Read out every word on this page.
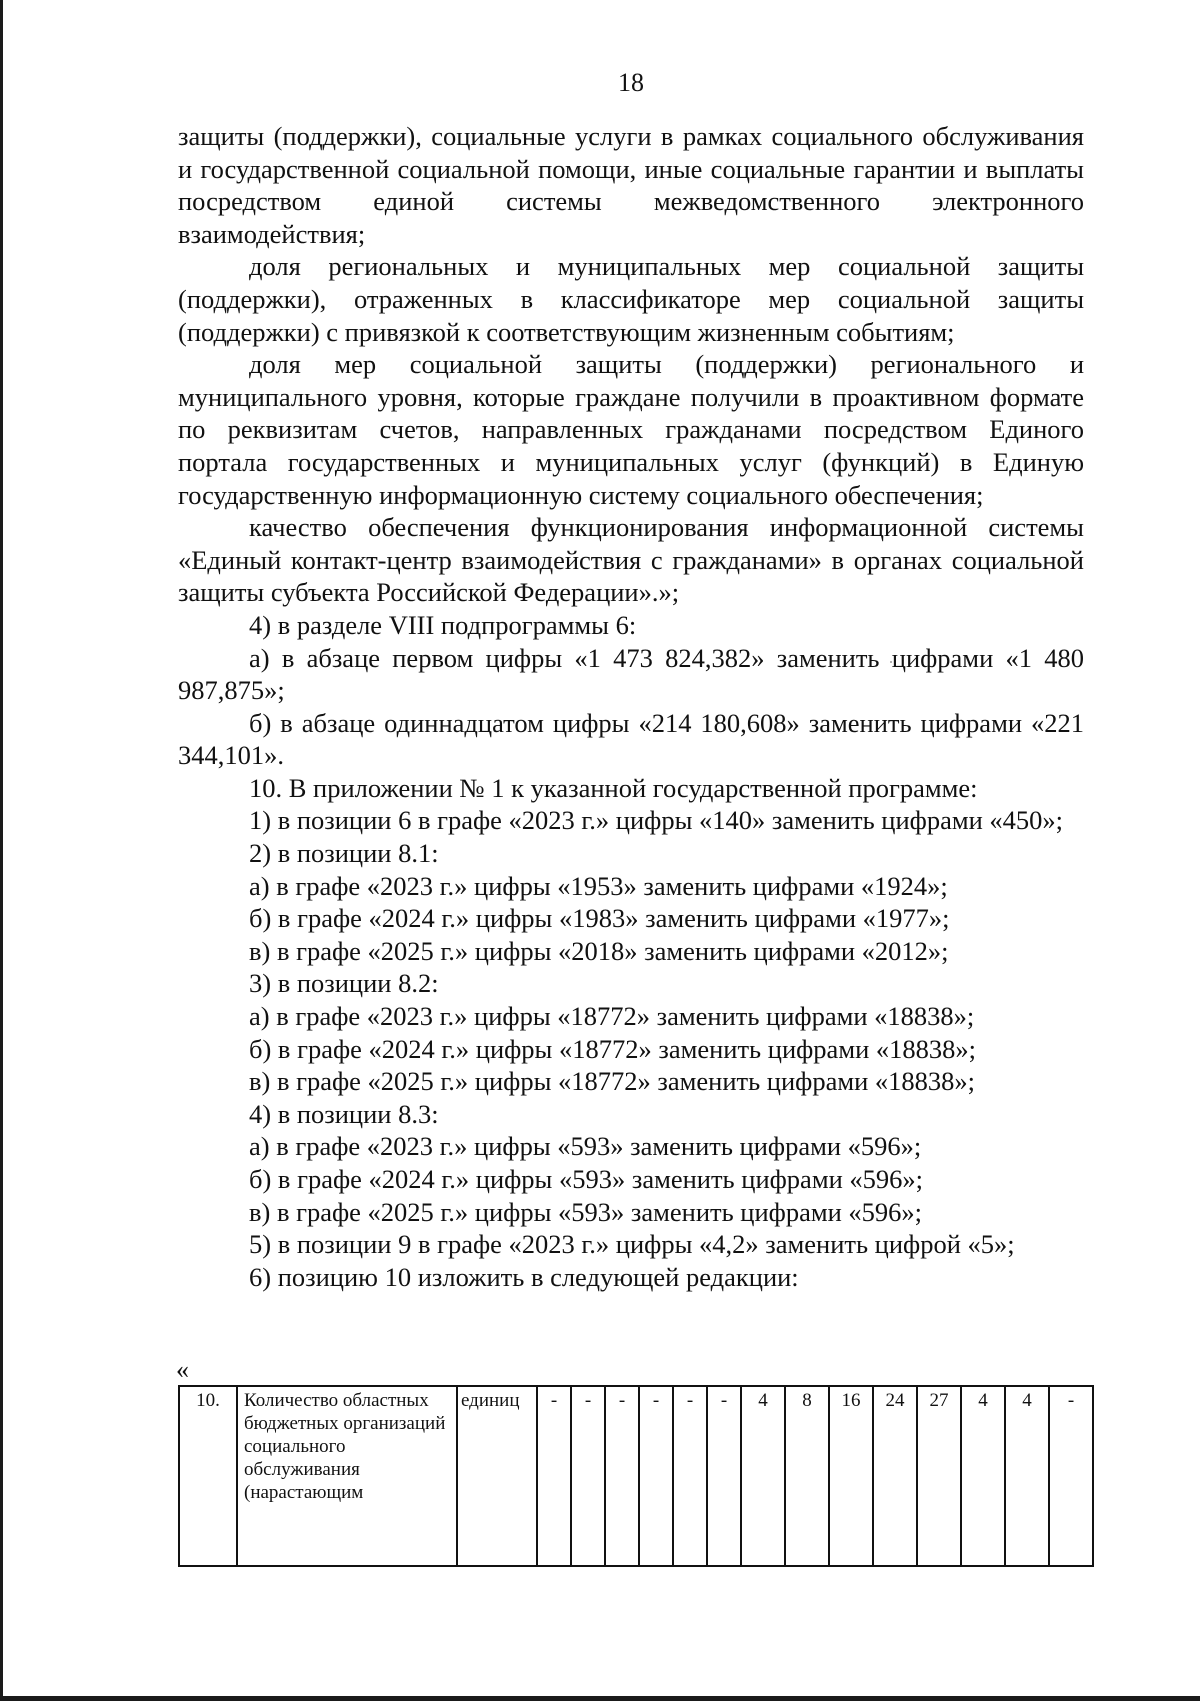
18

защиты (поддержки), социальные услуги в рамках социального обслуживания и государственной социальной помощи, иные социальные гарантии и выплаты посредством единой системы межведомственного электронного взаимодействия;

доля региональных и муниципальных мер социальной защиты (поддержки), отраженных в классификаторе мер социальной защиты (поддержки) с привязкой к соответствующим жизненным событиям;

доля мер социальной защиты (поддержки) регионального и муниципального уровня, которые граждане получили в проактивном формате по реквизитам счетов, направленных гражданами посредством Единого портала государственных и муниципальных услуг (функций) в Единую государственную информационную систему социального обеспечения;

качество обеспечения функционирования информационной системы «Единый контакт-центр взаимодействия с гражданами» в органах социальной защиты субъекта Российской Федерации».»;

4) в разделе VIII подпрограммы 6:

а) в абзаце первом цифры «1 473 824,382» заменить цифрами «1 480 987,875»;

б) в абзаце одиннадцатом цифры «214 180,608» заменить цифрами «221 344,101».

10. В приложении № 1 к указанной государственной программе:

1) в позиции 6 в графе «2023 г.» цифры «140» заменить цифрами «450»;

2) в позиции 8.1:

а) в графе «2023 г.» цифры «1953» заменить цифрами «1924»;

б) в графе «2024 г.» цифры «1983» заменить цифрами «1977»;

в) в графе «2025 г.» цифры «2018» заменить цифрами «2012»;

3) в позиции 8.2:

а) в графе «2023 г.» цифры «18772» заменить цифрами «18838»;

б) в графе «2024 г.» цифры «18772» заменить цифрами «18838»;

в) в графе «2025 г.» цифры «18772» заменить цифрами «18838»;

4) в позиции 8.3:

а) в графе «2023 г.» цифры «593» заменить цифрами «596»;

б) в графе «2024 г.» цифры «593» заменить цифрами «596»;

в) в графе «2025 г.» цифры «593» заменить цифрами «596»;

5) в позиции 9 в графе «2023 г.» цифры «4,2» заменить цифрой «5»;

6) позицию 10 изложить в следующей редакции:

«
10.	Количество областных бюджетных организаций социального обслуживания (нарастающим	единиц	-	-	-	-	-	-	4	8	16	24	27	4	4	-
